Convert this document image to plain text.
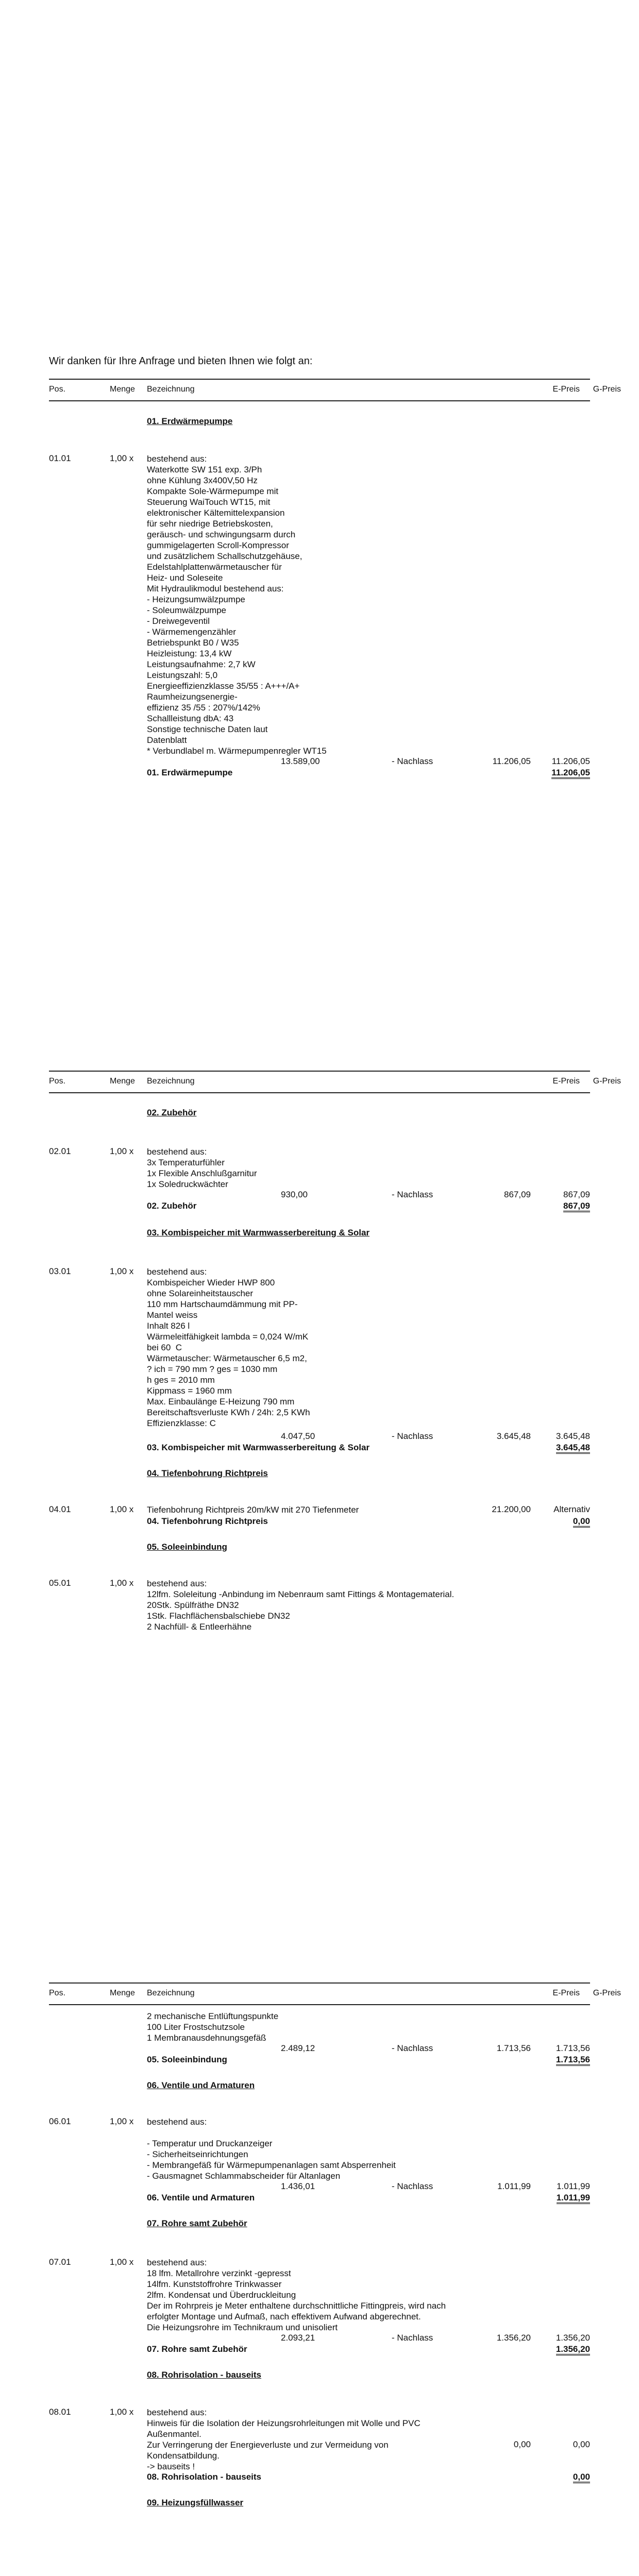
Wir danken für Ihre Anfrage und bieten Ihnen wie folgt an:
Pos.	Menge Bezeichnung	E-Preis	G-Preis
01. Erdwärmepumpe
01.01	1,00 x bestehend aus:
Waterkotte SW 151 exp. 3/Ph
ohne Kühlung 3x400V,50 Hz
Kompakte Sole-Wärmepumpe mit
Steuerung WaiTouch WT15, mit
elektronischer Kältemittelexpansion
für sehr niedrige Betriebskosten,
geräusch- und schwingungsarm durch
gummigelagerten Scroll-Kompressor
und zusätzlichem Schallschutzgehäuse,
Edelstahlplattenwärmetauscher für
Heiz- und Soleseite
Mit Hydraulikmodul bestehend aus:
- Heizungsumwälzpumpe
- Soleumwälzpumpe
- Dreiwegeventil
- Wärmemengenzähler
Betriebspunkt B0 / W35
Heizleistung: 13,4 kW
Leistungsaufnahme: 2,7 kW
Leistungszahl: 5,0
Energieeffizienzklasse 35/55 : A+++/A+
Raumheizungsenergie-
effizienz 35 /55 : 207%/142%
Schallleistung dbA: 43
Sonstige technische Daten laut
Datenblatt
* Verbundlabel m. Wärmepumpenregler WT15
13.589,00	- Nachlass	11.206,05	11.206,05
01. Erdwärmepumpe	11.206,05
Pos.	Menge Bezeichnung	E-Preis	G-Preis
02. Zubehör
02.01	1,00 x bestehend aus:
3x Temperaturfühler
1x Flexible Anschlußgarnitur
1x Soledruckwächter
930,00	- Nachlass	867,09	867,09
02. Zubehör	867,09
03. Kombispeicher mit Warmwasserbereitung & Solar
03.01	1,00 x bestehend aus:
Kombispeicher Wieder HWP 800
ohne Solareinheitstauscher
110 mm Hartschaumdämmung mit PP-
Mantel weiss
Inhalt 826 l
Wärmeleitfähigkeit lambda = 0,024 W/mK
bei 60  C
Wärmetauscher: Wärmetauscher 6,5 m2,
? ich = 790 mm ? ges = 1030 mm
h ges = 2010 mm
Kippmass = 1960 mm
Max. Einbaulänge E-Heizung 790 mm
Bereitschaftsverluste KWh / 24h: 2,5 KWh
Effizienzklasse: C
4.047,50	- Nachlass	3.645,48	3.645,48
03. Kombispeicher mit Warmwasserbereitung & Solar	3.645,48
04. Tiefenbohrung Richtpreis
04.01	1,00 x Tiefenbohrung Richtpreis 20m/kW mit 270 Tiefenmeter	21.200,00	Alternativ
04. Tiefenbohrung Richtpreis	0,00
05. Soleeinbindung
05.01	1,00 x bestehend aus:
12lfm. Soleleitung -Anbindung im Nebenraum samt Fittings & Montagematerial.
20Stk. Spülfräthe DN32
1Stk. Flachflächensbalschiebe DN32
2 Nachfüll- & Entleerhähne
Pos.	Menge Bezeichnung	E-Preis	G-Preis
2 mechanische Entlüftungspunkte
100 Liter Frostschutzsole
1 Membranausdehnungsgefäß
2.489,12	- Nachlass	1.713,56	1.713,56
05. Soleeinbindung	1.713,56
06. Ventile und Armaturen
06.01	1,00 x bestehend aus:

- Temperatur und Druckanzeiger
- Sicherheitseinrichtungen
- Membrangefäß für Wärmepumpenanlagen samt Absperrenheit
- Gausmagnet Schlammabscheider für Altanlagen
1.436,01	- Nachlass	1.011,99	1.011,99
06. Ventile und Armaturen	1.011,99
07. Rohre samt Zubehör
07.01	1,00 x bestehend aus:
18 lfm. Metallrohre verzinkt -gepresst
14lfm. Kunststoffrohre Trinkwasser
2lfm. Kondensat und Überdruckleitung
Der im Rohrpreis je Meter enthaltene durchschnittliche Fittingpreis, wird nach
erfolgter Montage und Aufmaß, nach effektivem Aufwand abgerechnet.
Die Heizungsrohre im Technikraum und unisoliert
2.093,21	- Nachlass	1.356,20	1.356,20
07. Rohre samt Zubehör	1.356,20
08. Rohrisolation - bauseits
08.01	1,00 x bestehend aus:
Hinweis für die Isolation der Heizungsrohrleitungen mit Wolle und PVC
Außenmantel.
Zur Verringerung der Energieverluste und zur Vermeidung von
Kondensatbildung.
-> bauseits !
0,00	0,00
08. Rohrisolation - bauseits	0,00
09. Heizungsfüllwasser
